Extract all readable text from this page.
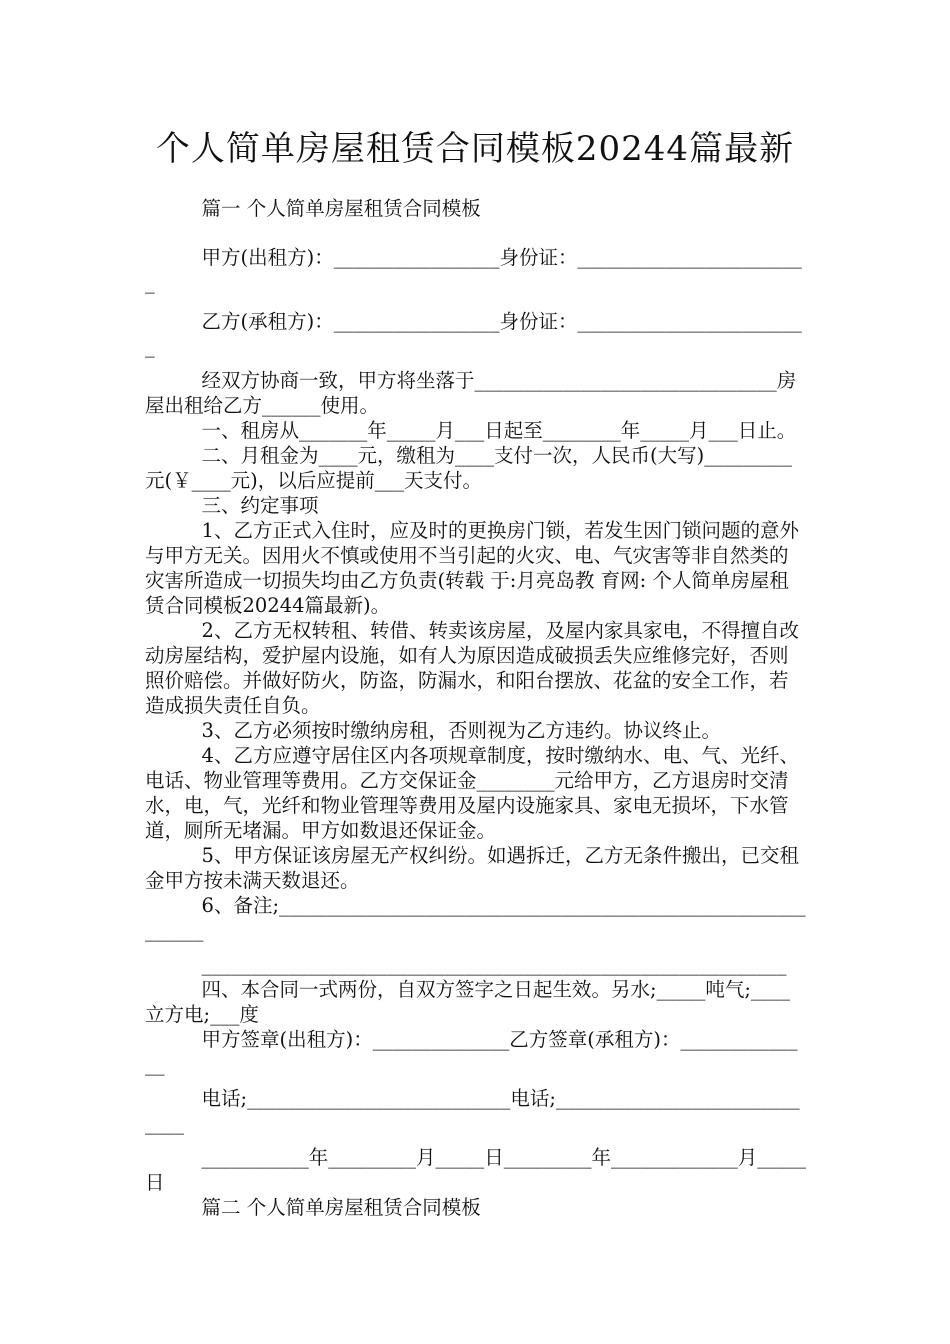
个人简单房屋租赁合同模板20244篇最新

篇一 个人简单房屋租赁合同模板

甲方(出租方)：_________________身份证：________________________

乙方(承租方)：_________________身份证：________________________

经双方协商一致，甲方将坐落于_______________________________房屋出租给乙方______使用。

一、租房从_______年_____月___日起至________年_____月___日止。

二、月租金为____元，缴租为____支付一次，人民币(大写)_________元(￥____元)，以后应提前___天支付。

三、约定事项

1、乙方正式入住时，应及时的更换房门锁，若发生因门锁问题的意外与甲方无关。因用火不慎或使用不当引起的火灾、电、气灾害等非自然类的灾害所造成一切损失均由乙方负责(转载 于:月亮岛教 育网: 个人简单房屋租赁合同模板20244篇最新)。

2、乙方无权转租、转借、转卖该房屋，及屋内家具家电，不得擅自改动房屋结构，爱护屋内设施，如有人为原因造成破损丢失应维修完好，否则照价赔偿。并做好防火，防盗，防漏水，和阳台摆放、花盆的安全工作，若造成损失责任自负。

3、乙方必须按时缴纳房租，否则视为乙方违约。协议终止。

4、乙方应遵守居住区内各项规章制度，按时缴纳水、电、气、光纤、电话、物业管理等费用。乙方交保证金________元给甲方，乙方退房时交清水，电，气，光纤和物业管理等费用及屋内设施家具、家电无损坏，下水管道，厕所无堵漏。甲方如数退还保证金。

5、甲方保证该房屋无产权纠纷。如遇拆迁，乙方无条件搬出，已交租金甲方按未满天数退还。

6、备注;____________________________________________________________

____________________________________________________________

四、本合同一式两份，自双方签字之日起生效。另水;_____吨气;____立方电;___度

甲方签章(出租方)：______________乙方签章(承租方)：______________

电话;___________________________电话;_____________________________

___________年_________月_____日_________年_____________月_____日

篇二 个人简单房屋租赁合同模板
